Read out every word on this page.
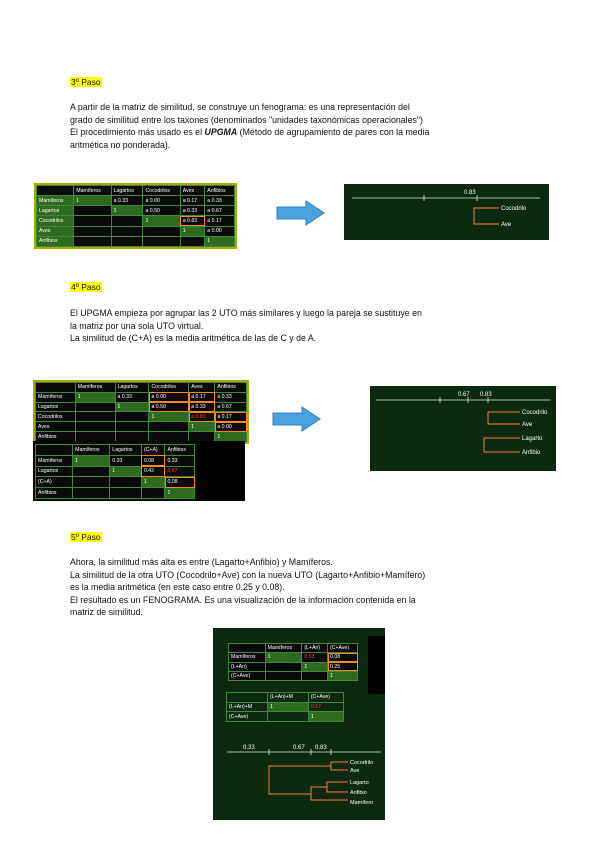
3º Paso
A partir de la matriz de similitud, se construye un fenograma: es una representación del
grado de similitud entre los taxones (denominados "unidades taxonómicas operacionales")
El procedimiento más usado es el UPGMA (Método de agrupamiento de pares con la media
aritmética no ponderada).
	Mamíferos	Lagartos	Cocodrilos	Aves	Anfibios
Mamíferos	1	a 0.33	a 0.00	a 0.17	a 0.33
Lagartos		1	a 0.50	a 0.33	a 0.67
Cocodrilos			1	a 0.83	a 0.17
Aves				1	a 0.00
Anfibios					1
0.83
Cocodrilo
Ave
4º Paso
El UPGMA empieza por agrupar las 2 UTO más similares y luego la pareja se sustituye en
la matriz por una sola UTO virtual.
La similitud de (C+A) es la media aritmética de las de C y de A.
	Mamíferos	Lagartos	Cocodrilos	Aves	Anfibios
Mamíferos	1	a 0.33	a 0.00	a 0.17	a 0.33
Lagartos		1	a 0.50	a 0.33	a 0.67
Cocodrilos			1	a 0.83	a 0.17
Aves				1	a 0.00
Anfibios					1
	Mamíferos	Lagartos	(C+A)	Anfibios
Mamíferos	1	0.33	0.08	0.33
Lagartos		1	0.42	0.67
(C+A)			1	0.08
Anfibios				1
0.67 0.83
Cocodrilo
Ave
Lagarto
Anfibio
5º Paso
Ahora, la similitud más alta es entre (Lagarto+Anfibio) y Mamíferos.
La similitud de la otra UTO (Cocodrilo+Ave) con la nueva UTO (Lagarto+Anfibio+Mamífero)
es la media aritmética (en este caso entre 0.25 y 0.08).
El resultado es un FENOGRAMA. Es una visualización de la información contenida en la
matriz de similitud.
	Mamíferos	(L+An)	(C+Ave)
Mamíferos	1	0.33	0.08
(L+An)		1	0.25
(C+Ave)			1
	(L+An)+M	(C+Ave)
(L+An)+M	1	0.17
(C+Ave)		1
0.33	0.67 0.83
Cocodrilo
Ave
Lagarto
Anfibio
Mamífero
